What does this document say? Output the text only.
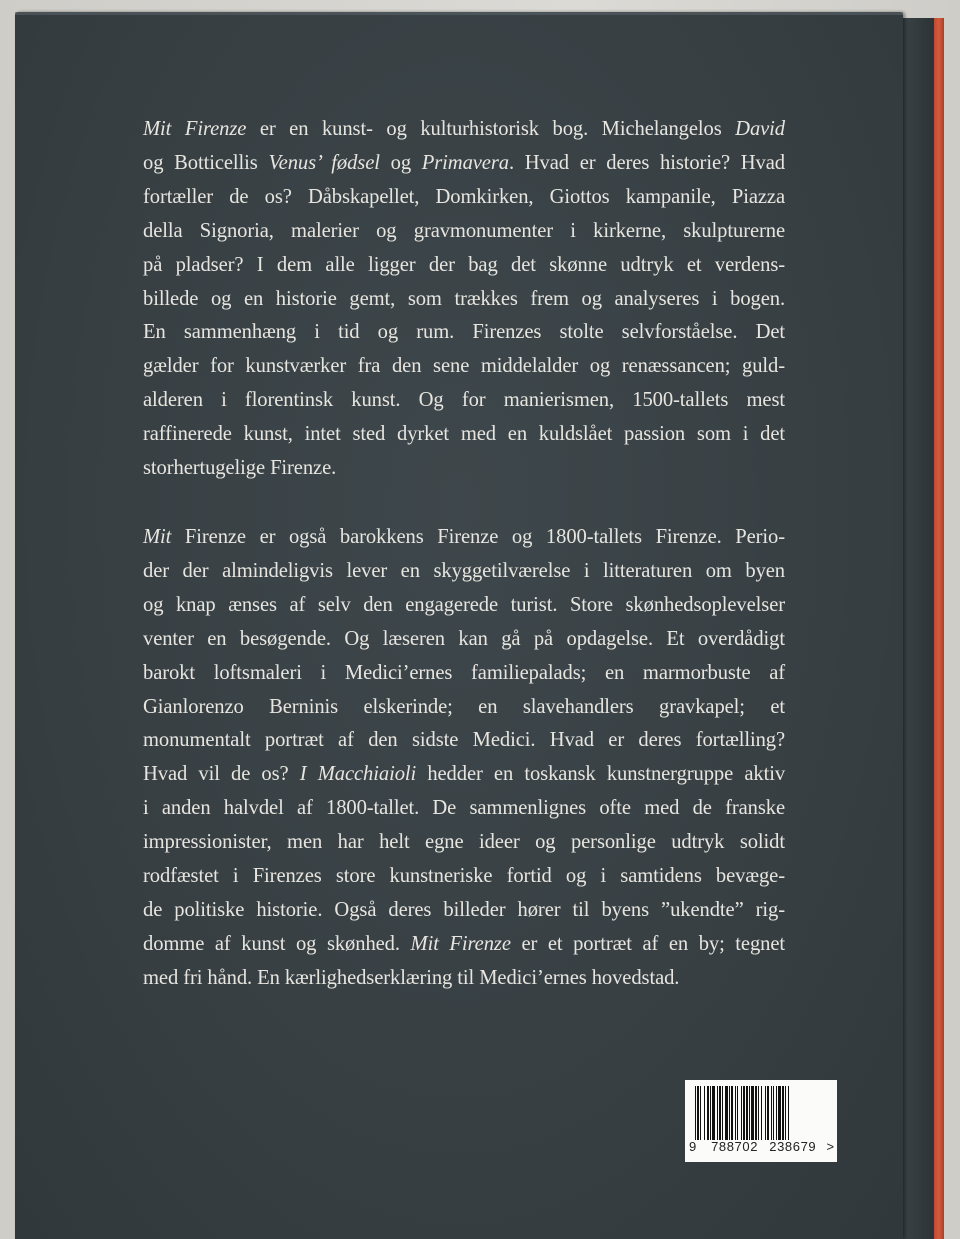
Mit Firenze er en kunst- og kulturhistorisk bog. Michelangelos David
og Botticellis Venus’ fødsel og Primavera. Hvad er deres historie? Hvad
fortæller de os? Dåbskapellet, Domkirken, Giottos kampanile, Piazza
della Signoria, malerier og gravmonumenter i kirkerne, skulpturerne
på pladser? I dem alle ligger der bag det skønne udtryk et verdens-
billede og en historie gemt, som trækkes frem og analyseres i bogen.
En sammenhæng i tid og rum. Firenzes stolte selvforståelse. Det
gælder for kunstværker fra den sene middelalder og renæssancen; guld-
alderen i florentinsk kunst. Og for manierismen, 1500-tallets mest
raffinerede kunst, intet sted dyrket med en kuldslået passion som i det
storhertugelige Firenze.

Mit Firenze er også barokkens Firenze og 1800-tallets Firenze. Perio-
der der almindeligvis lever en skyggetilværelse i litteraturen om byen
og knap ænses af selv den engagerede turist. Store skønhedsoplevelser
venter en besøgende. Og læseren kan gå på opdagelse. Et overdådigt
barokt loftsmaleri i Medici’ernes familiepalads; en marmorbuste af
Gianlorenzo Berninis elskerinde; en slavehandlers gravkapel; et
monumentalt portræt af den sidste Medici. Hvad er deres fortælling?
Hvad vil de os? I Macchiaioli hedder en toskansk kunstnergruppe aktiv
i anden halvdel af 1800-tallet. De sammenlignes ofte med de franske
impressionister, men har helt egne ideer og personlige udtryk solidt
rodfæstet i Firenzes store kunstneriske fortid og i samtidens bevæge-
de politiske historie. Også deres billeder hører til byens ”ukendte” rig-
domme af kunst og skønhed. Mit Firenze er et portræt af en by; tegnet
med fri hånd. En kærlighedserklæring til Medici’ernes hovedstad.

9 788702 238679 >
